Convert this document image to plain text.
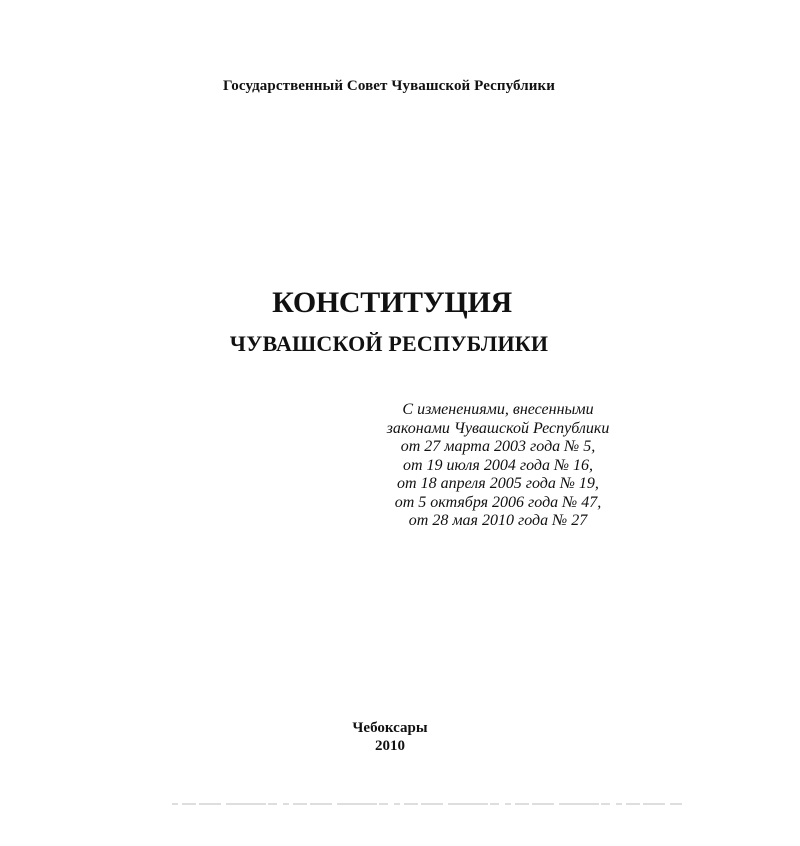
Государственный Совет Чувашской Республики
КОНСТИТУЦИЯ
ЧУВАШСКОЙ РЕСПУБЛИКИ
С изменениями, внесенными
законами Чувашской Республики
от 27 марта 2003 года № 5,
от 19 июля 2004 года № 16,
от 18 апреля 2005 года № 19,
от 5 октября 2006 года № 47,
от 28 мая 2010 года № 27
Чебоксары
2010
